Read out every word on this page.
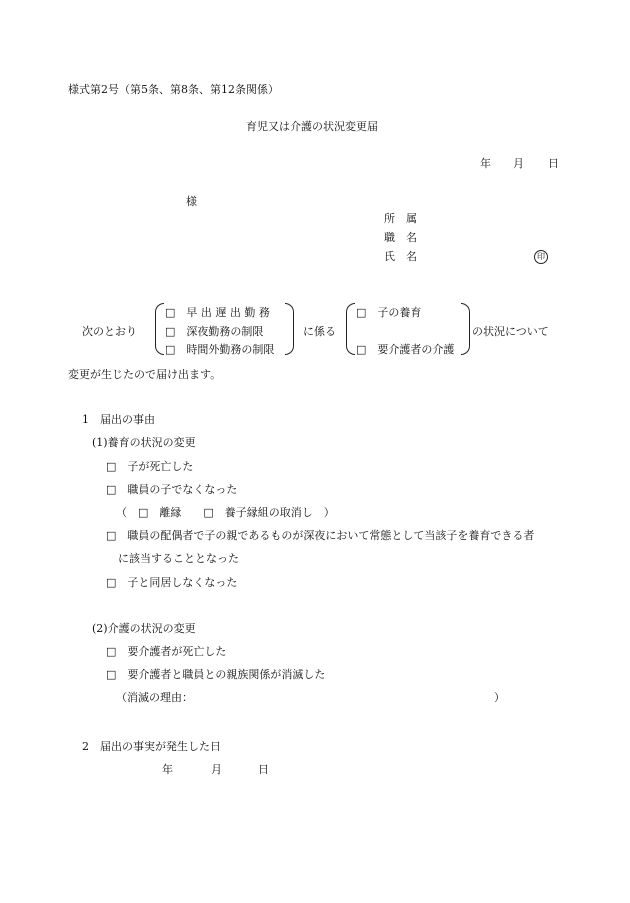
様式第2号（第5条、第8条、第12条関係）
育児又は介護の状況変更届
年 月 日
様
所　属
職　名
氏　名	印
次のとおり
□　早 出 遅 出 勤 務
□　深夜勤務の制限
□　時間外勤務の制限
に係る
□　子の養育
□　要介護者の介護
の状況について
変更が生じたので届け出ます。
1　届出の事由
(1)養育の状況の変更
□　子が死亡した
□　職員の子でなくなった
（　□　離縁　　□　養子縁組の取消し　）
□　職員の配偶者で子の親であるものが深夜において常態として当該子を養育できる者
に該当することとなった
□　子と同居しなくなった
(2)介護の状況の変更
□　要介護者が死亡した
□　要介護者と職員との親族関係が消滅した
（消滅の理由：	）
2　届出の事実が発生した日
年	月	日
